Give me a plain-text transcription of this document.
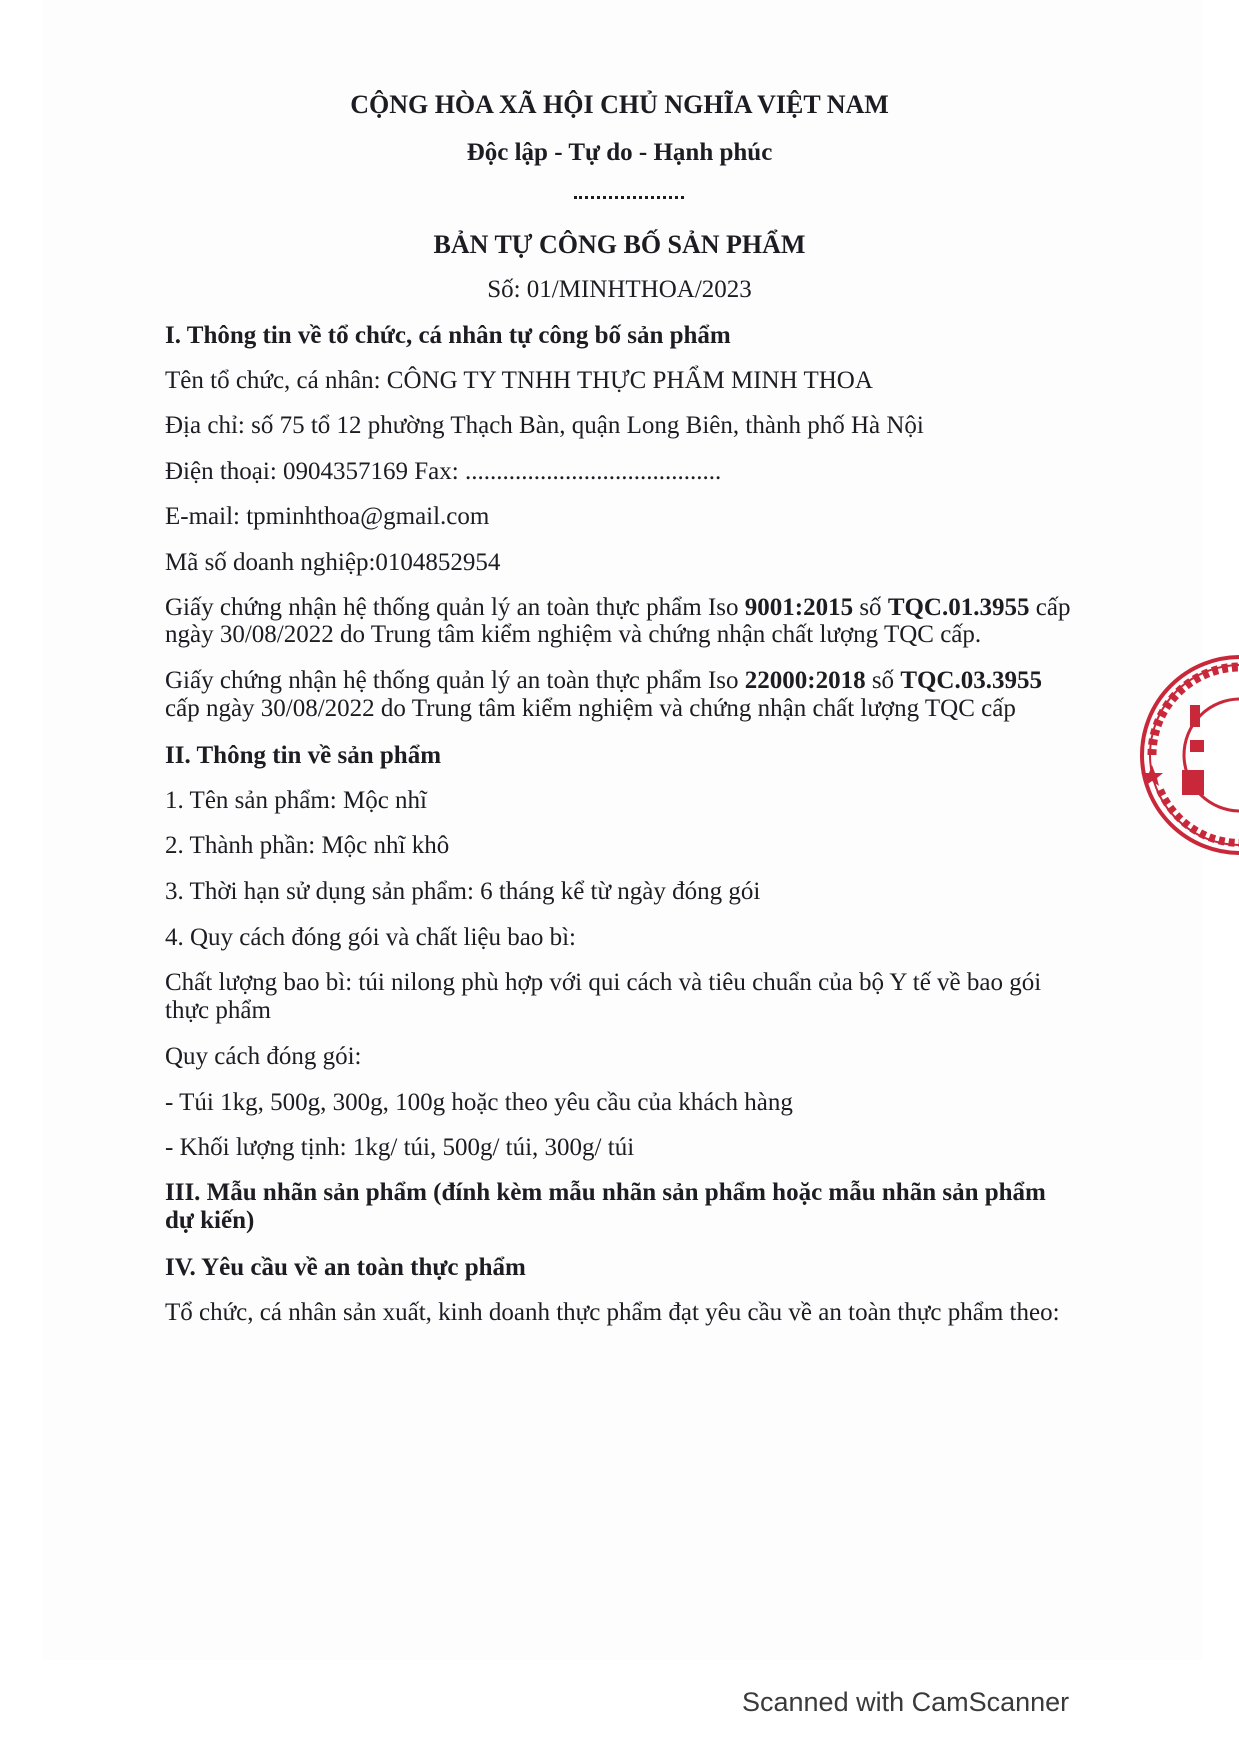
CỘNG HÒA XÃ HỘI CHỦ NGHĨA VIỆT NAM
Độc lập - Tự do - Hạnh phúc
BẢN TỰ CÔNG BỐ SẢN PHẨM
Số: 01/MINHTHOA/2023
I. Thông tin về tổ chức, cá nhân tự công bố sản phẩm
Tên tổ chức, cá nhân: CÔNG TY TNHH THỰC PHẨM MINH THOA
Địa chỉ: số 75 tổ 12 phường Thạch Bàn, quận Long Biên, thành phố Hà Nội
Điện thoại: 0904357169 Fax: .........................................
E-mail: tpminhthoa@gmail.com
Mã số doanh nghiệp:0104852954
Giấy chứng nhận hệ thống quản lý an toàn thực phẩm Iso 9001:2015 số TQC.01.3955 cấp
ngày 30/08/2022 do Trung tâm kiểm nghiệm và chứng nhận chất lượng TQC cấp.
Giấy chứng nhận hệ thống quản lý an toàn thực phẩm Iso 22000:2018 số TQC.03.3955
cấp ngày 30/08/2022 do Trung tâm kiểm nghiệm và chứng nhận chất lượng TQC cấp
II. Thông tin về sản phẩm
1. Tên sản phẩm: Mộc nhĩ
2. Thành phần: Mộc nhĩ khô
3. Thời hạn sử dụng sản phẩm: 6 tháng kể từ ngày đóng gói
4. Quy cách đóng gói và chất liệu bao bì:
Chất lượng bao bì: túi nilong phù hợp với qui cách và tiêu chuẩn của bộ Y tế về bao gói
thực phẩm
Quy cách đóng gói:
- Túi 1kg, 500g, 300g, 100g hoặc theo yêu cầu của khách hàng
- Khối lượng tịnh: 1kg/ túi, 500g/ túi, 300g/ túi
III. Mẫu nhãn sản phẩm (đính kèm mẫu nhãn sản phẩm hoặc mẫu nhãn sản phẩm
dự kiến)
IV. Yêu cầu về an toàn thực phẩm
Tổ chức, cá nhân sản xuất, kinh doanh thực phẩm đạt yêu cầu về an toàn thực phẩm theo:
Scanned with CamScanner
